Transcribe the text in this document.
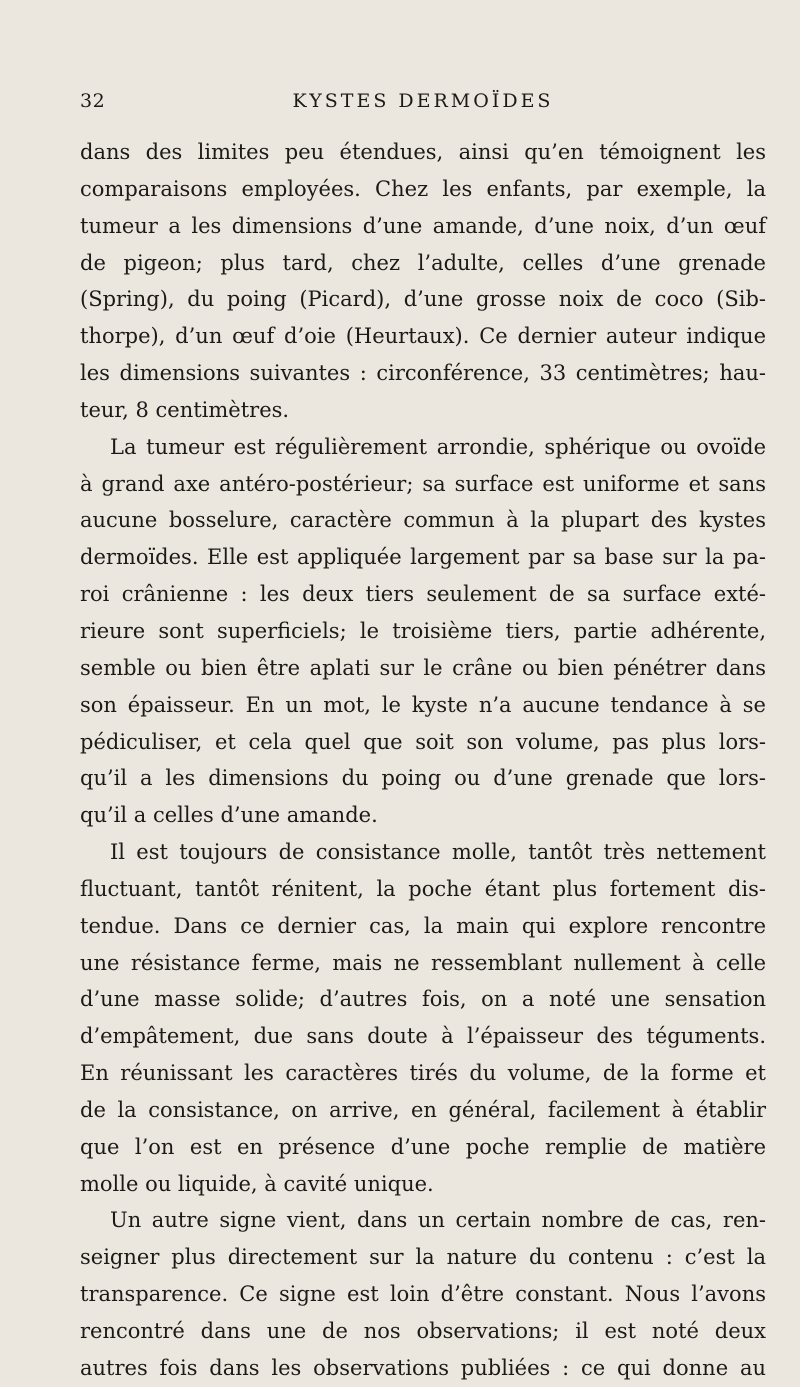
32	KYSTES DERMOÏDES
dans des limites peu étendues, ainsi qu’en témoignent les
comparaisons employées. Chez les enfants, par exemple, la
tumeur a les dimensions d’une amande, d’une noix, d’un œuf
de pigeon; plus tard, chez l’adulte, celles d’une grenade
(Spring), du poing (Picard), d’une grosse noix de coco (Sib-
thorpe), d’un œuf d’oie (Heurtaux). Ce dernier auteur indique
les dimensions suivantes : circonférence, 33 centimètres; hau-
teur, 8 centimètres.
La tumeur est régulièrement arrondie, sphérique ou ovoïde
à grand axe antéro-postérieur; sa surface est uniforme et sans
aucune bosselure, caractère commun à la plupart des kystes
dermoïdes. Elle est appliquée largement par sa base sur la pa-
roi crânienne : les deux tiers seulement de sa surface exté-
rieure sont superficiels; le troisième tiers, partie adhérente,
semble ou bien être aplati sur le crâne ou bien pénétrer dans
son épaisseur. En un mot, le kyste n’a aucune tendance à se
pédiculiser, et cela quel que soit son volume, pas plus lors-
qu’il a les dimensions du poing ou d’une grenade que lors-
qu’il a celles d’une amande.
Il est toujours de consistance molle, tantôt très nettement
fluctuant, tantôt rénitent, la poche étant plus fortement dis-
tendue. Dans ce dernier cas, la main qui explore rencontre
une résistance ferme, mais ne ressemblant nullement à celle
d’une masse solide; d’autres fois, on a noté une sensation
d’empâtement, due sans doute à l’épaisseur des téguments.
En réunissant les caractères tirés du volume, de la forme et
de la consistance, on arrive, en général, facilement à établir
que l’on est en présence d’une poche remplie de matière
molle ou liquide, à cavité unique.
Un autre signe vient, dans un certain nombre de cas, ren-
seigner plus directement sur la nature du contenu : c’est la
transparence. Ce signe est loin d’être constant. Nous l’avons
rencontré dans une de nos observations; il est noté deux
autres fois dans les observations publiées : ce qui donne au
